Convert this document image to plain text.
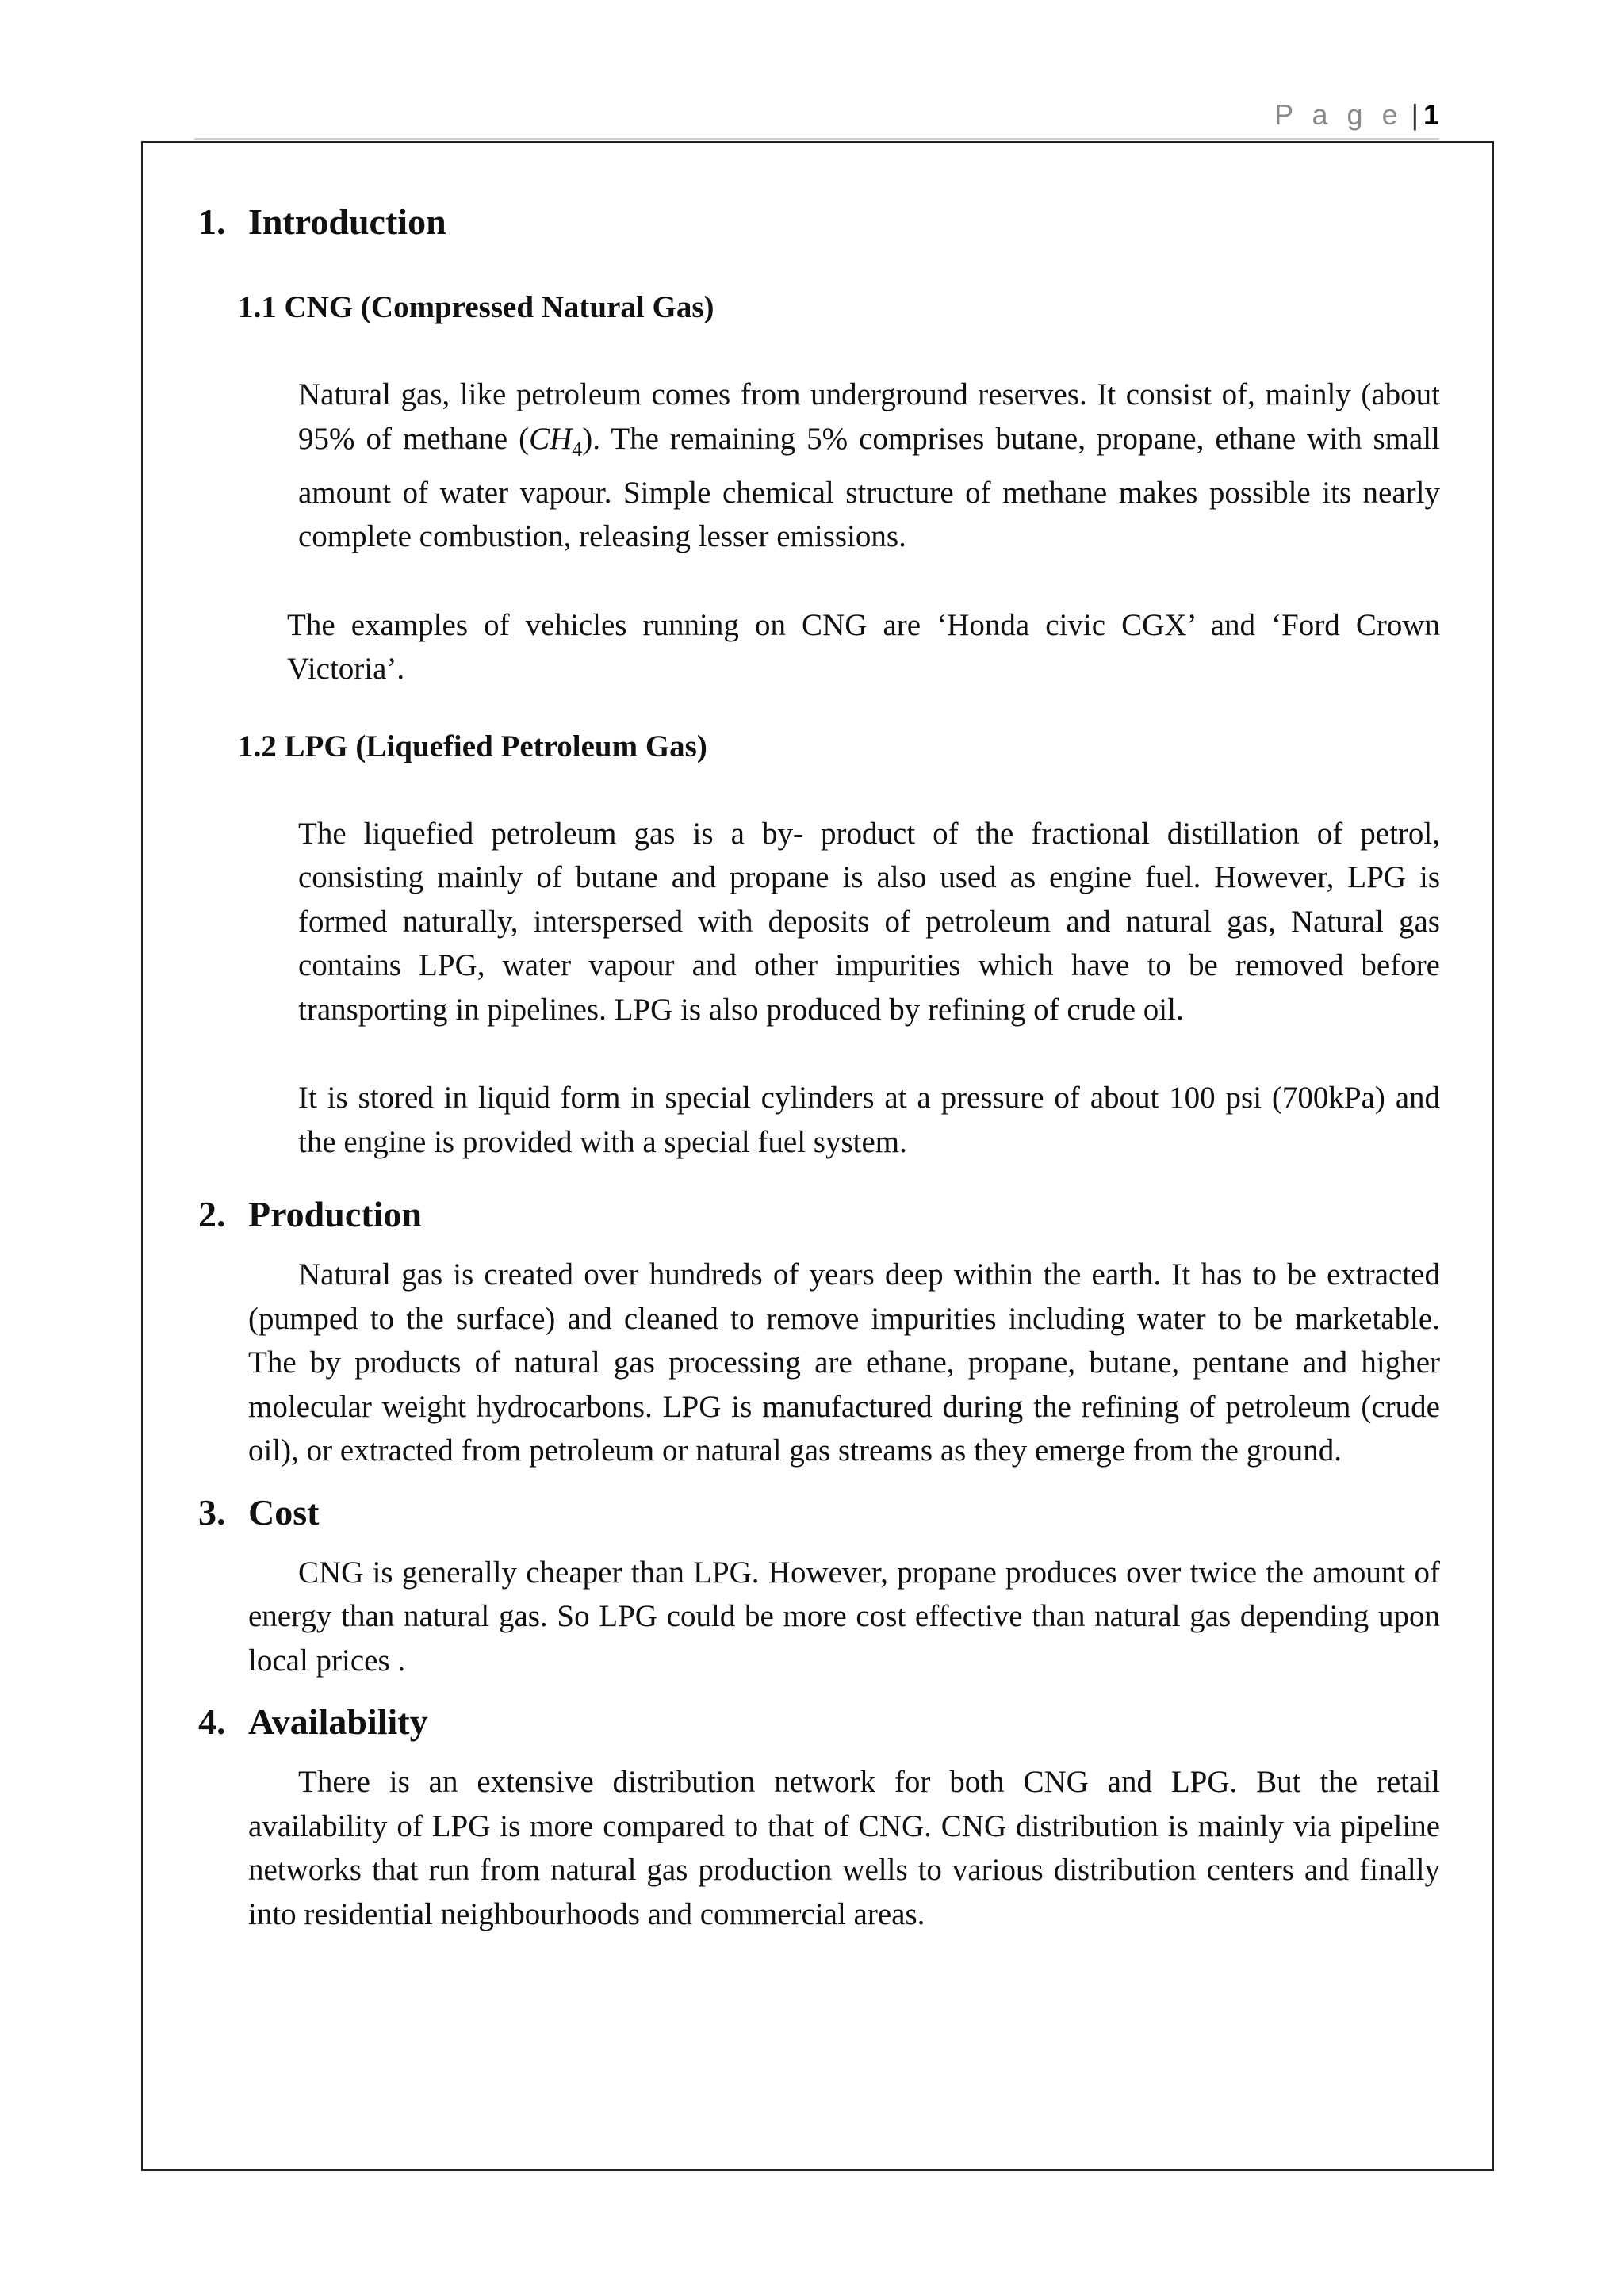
P a g e | 1
1. Introduction
1.1 CNG (Compressed Natural Gas)

Natural gas, like petroleum comes from underground reserves. It consist of, mainly (about 95% of methane $(CH_4)$. The remaining 5% comprises butane, propane, ethane with small amount of water vapour. Simple chemical structure of methane makes possible its nearly complete combustion, releasing lesser emissions.

The examples of vehicles running on CNG are ‘Honda civic CGX’ and ‘Ford Crown Victoria’.

1.2 LPG (Liquefied Petroleum Gas)

The liquefied petroleum gas is a by- product of the fractional distillation of petrol, consisting mainly of butane and propane is also used as engine fuel. However, LPG is formed naturally, interspersed with deposits of petroleum and natural gas, Natural gas contains LPG, water vapour and other impurities which have to be removed before transporting in pipelines. LPG is also produced by refining of crude oil.

It is stored in liquid form in special cylinders at a pressure of about 100 psi (700kPa) and the engine is provided with a special fuel system.

2. Production

Natural gas is created over hundreds of years deep within the earth. It has to be extracted (pumped to the surface) and cleaned to remove impurities including water to be marketable. The by products of natural gas processing are ethane, propane, butane, pentane and higher molecular weight hydrocarbons. LPG is manufactured during the refining of petroleum (crude oil), or extracted from petroleum or natural gas streams as they emerge from the ground.

3. Cost

CNG is generally cheaper than LPG. However, propane produces over twice the amount of energy than natural gas. So LPG could be more cost effective than natural gas depending upon local prices .

4. Availability

There is an extensive distribution network for both CNG and LPG. But the retail availability of LPG is more compared to that of CNG. CNG distribution is mainly via pipeline networks that run from natural gas production wells to various distribution centers and finally into residential neighbourhoods and commercial areas.
